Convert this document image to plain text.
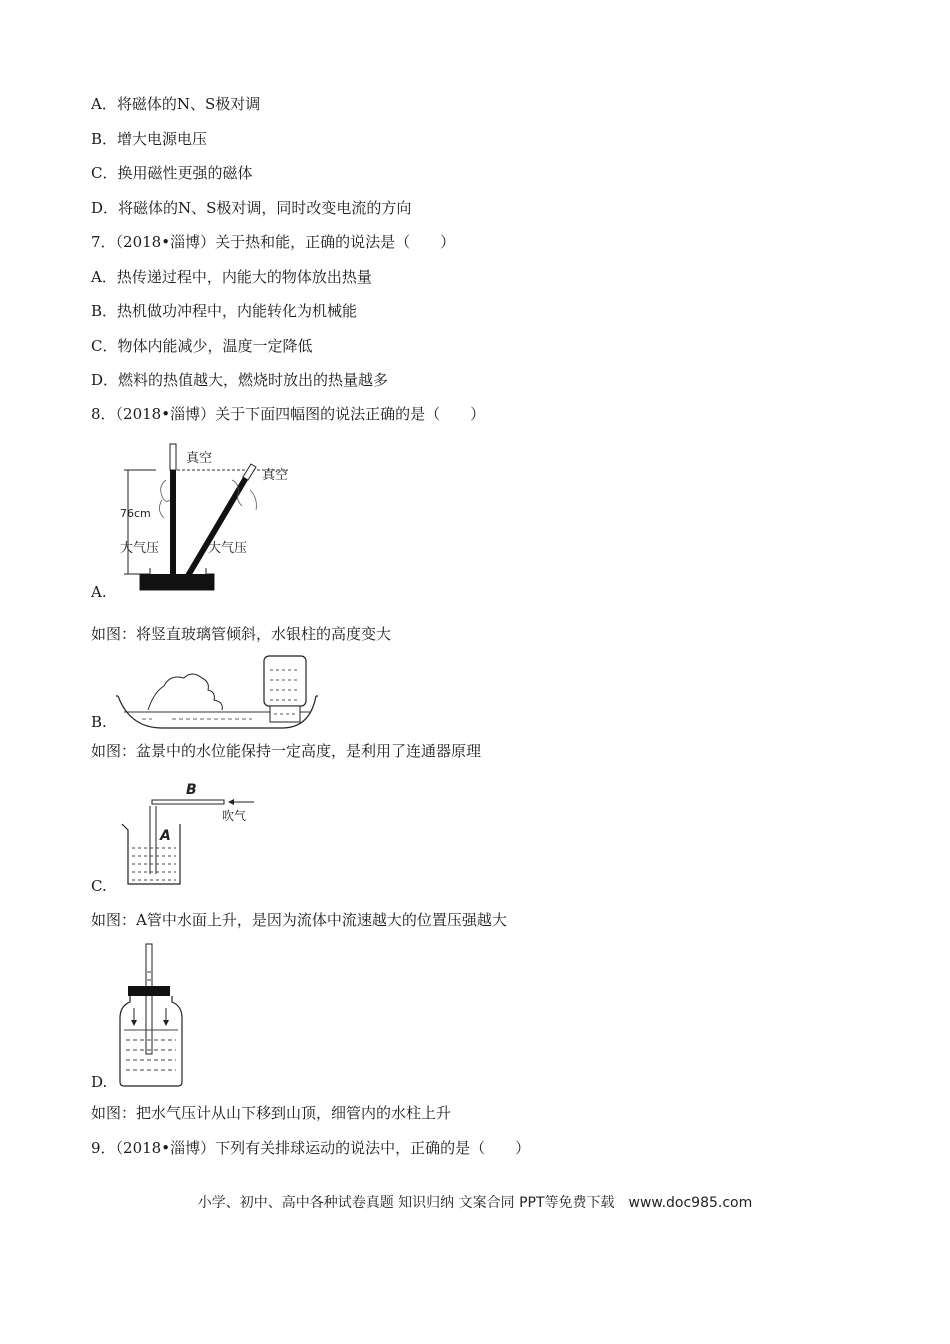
A．将磁体的N、S极对调
B．增大电源电压
C．换用磁性更强的磁体
D．将磁体的N、S极对调，同时改变电流的方向
7．（2018•淄博）关于热和能，正确的说法是（　　）
A．热传递过程中，内能大的物体放出热量
B．热机做功冲程中，内能转化为机械能
C．物体内能减少，温度一定降低
D．燃料的热值越大，燃烧时放出的热量越多
8．（2018•淄博）关于下面四幅图的说法正确的是（　　）
真空
真空
76cm
大气压	大气压
A.
如图：将竖直玻璃管倾斜，水银柱的高度变大
B.
如图：盆景中的水位能保持一定高度，是利用了连通器原理
B
A
吹气
C.
如图：A管中水面上升，是因为流体中流速越大的位置压强越大
D.
如图：把水气压计从山下移到山顶，细管内的水柱上升
9．（2018•淄博）下列有关排球运动的说法中，正确的是（　　）
小学、初中、高中各种试卷真题 知识归纳 文案合同 PPT等免费下载　www.doc985.com
